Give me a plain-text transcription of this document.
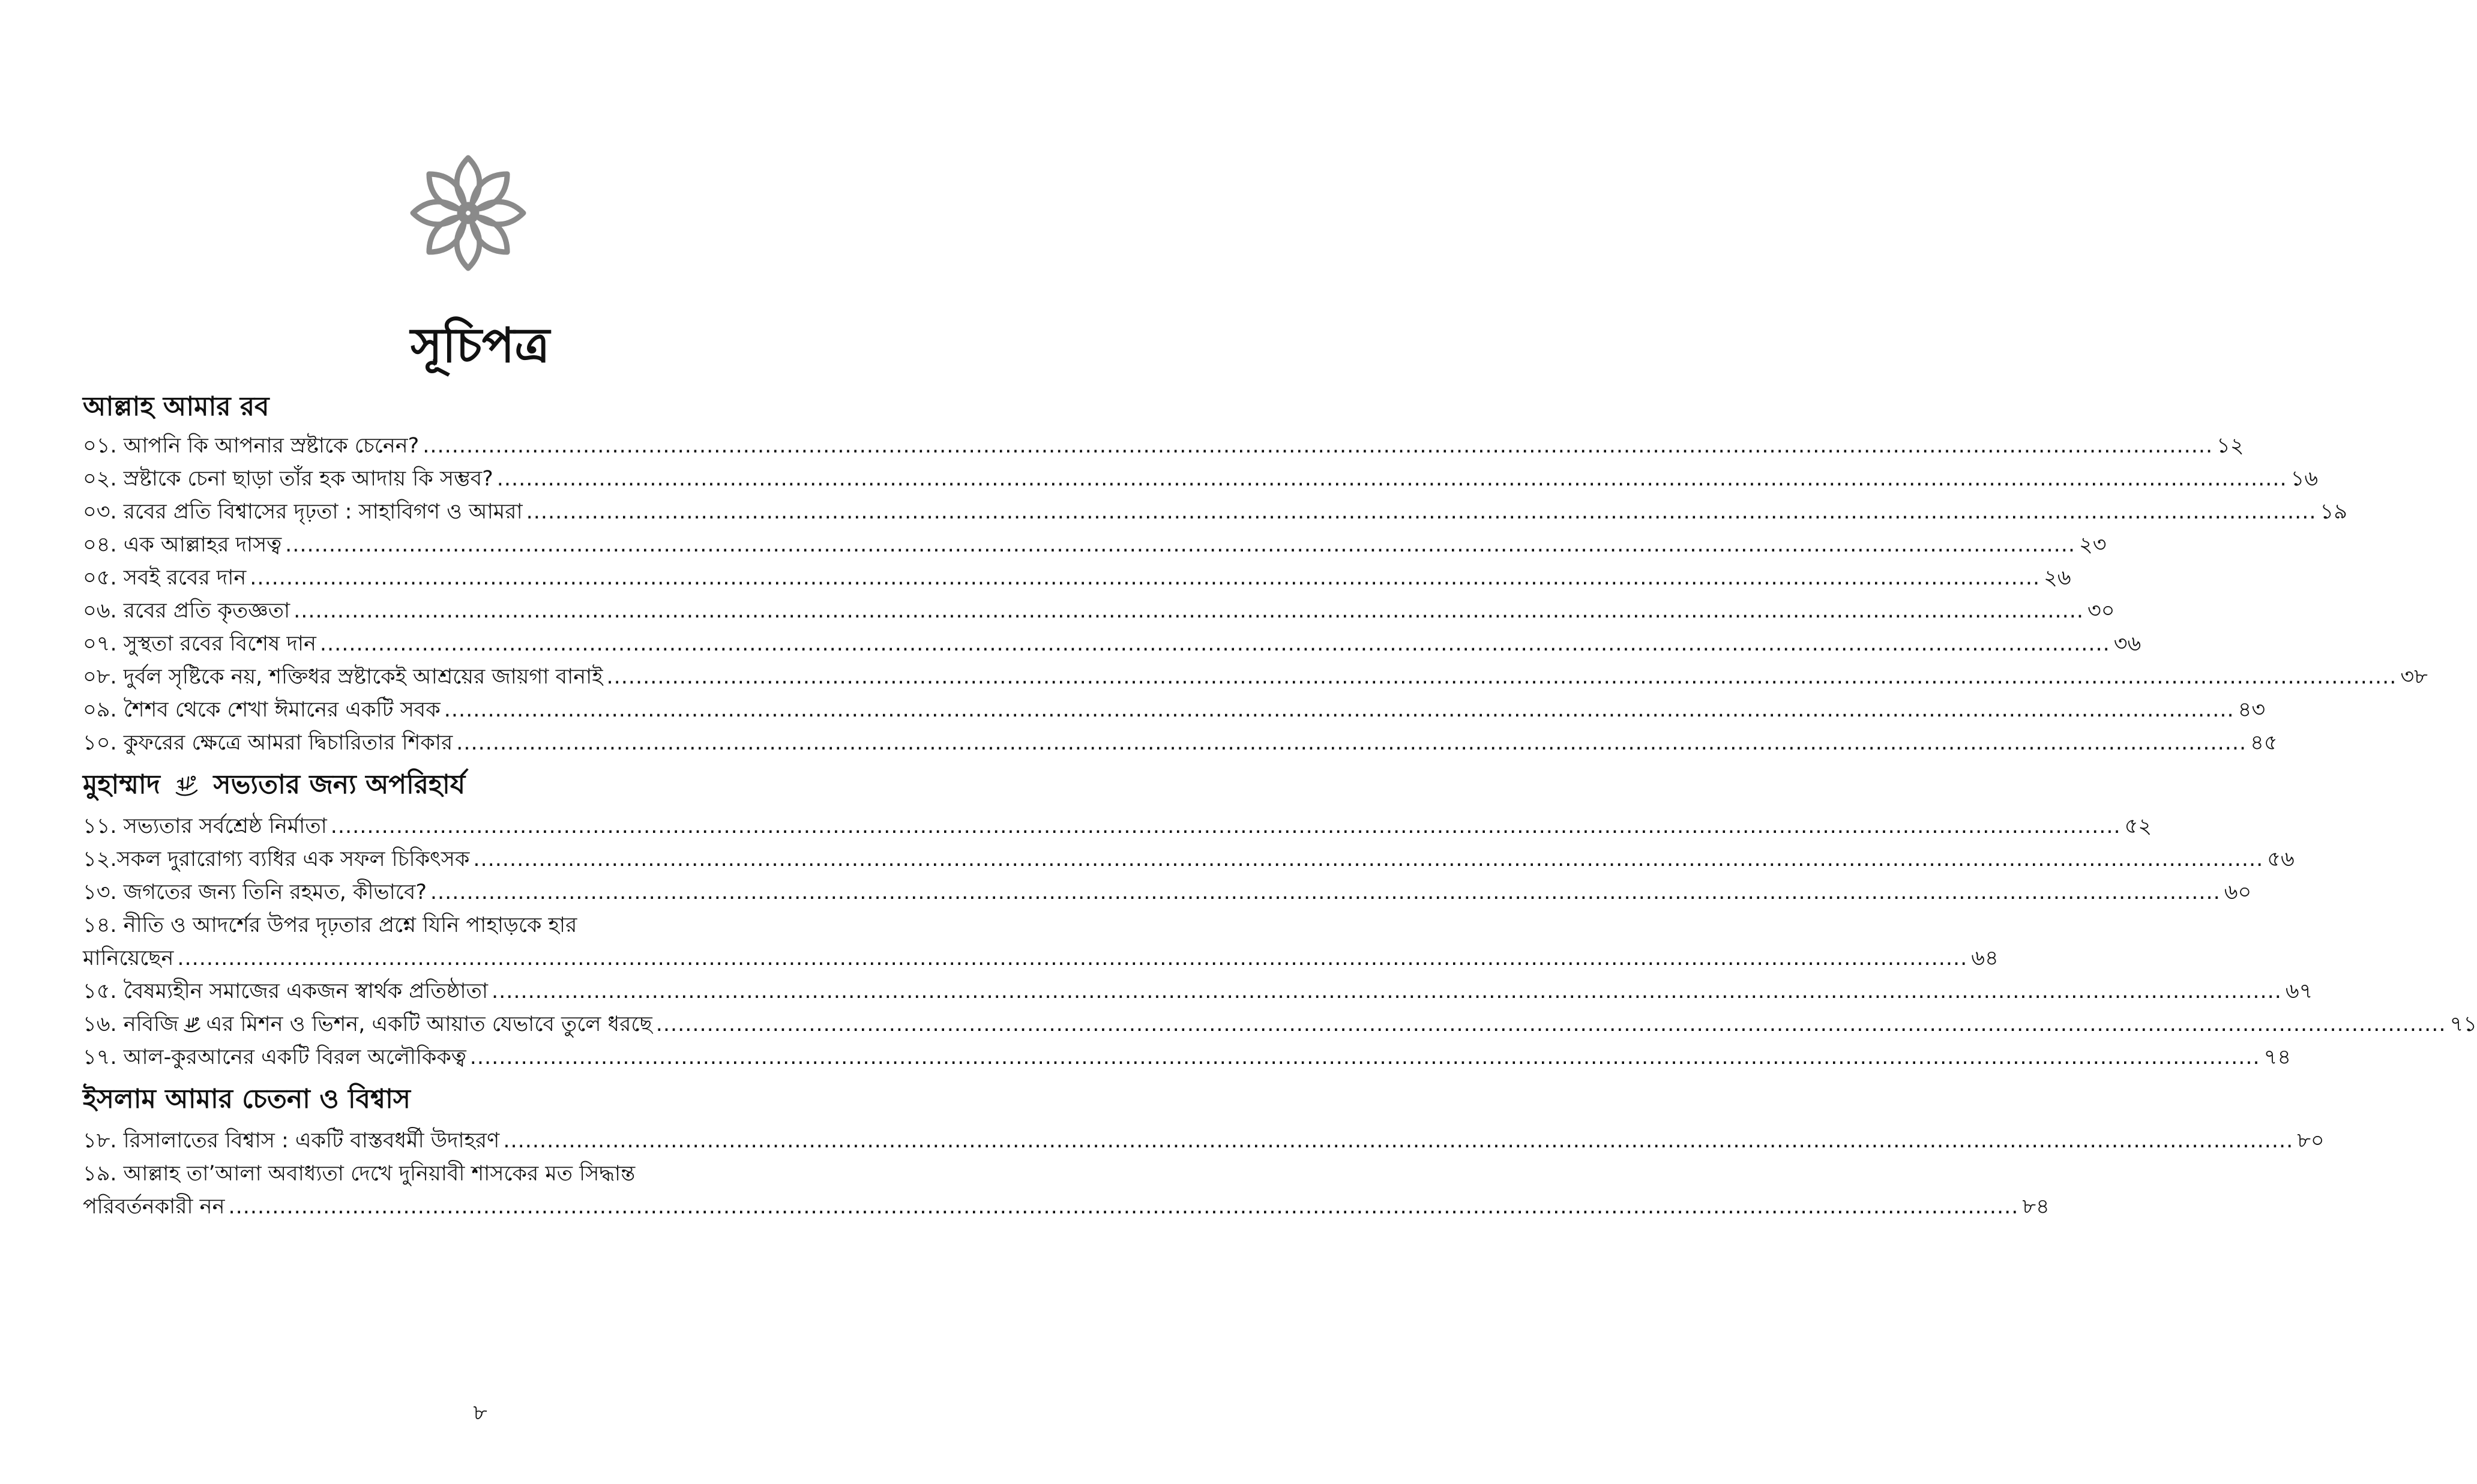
সূচিপত্র
আল্লাহ আমার রব
০১. আপনি কি আপনার স্রষ্টাকে চেনেন? .....	১২
০২. স্রষ্টাকে চেনা ছাড়া তাঁর হক আদায় কি সম্ভব? .....	১৬
০৩. রবের প্রতি বিশ্বাসের দৃঢ়তা : সাহাবিগণ ও আমরা .....	১৯
০৪. এক আল্লাহর দাসত্ব .....	২৩
০৫. সবই রবের দান .....	২৬
০৬. রবের প্রতি কৃতজ্ঞতা .....	৩০
০৭. সুস্থতা রবের বিশেষ দান .....	৩৬
০৮. দুর্বল সৃষ্টিকে নয়, শক্তিধর স্রষ্টাকেই আশ্রয়ের জায়গা বানাই .....	৩৮
০৯. শৈশব থেকে শেখা ঈমানের একটি সবক .....	৪৩
১০. কুফরের ক্ষেত্রে আমরা দ্বিচারিতার শিকার .....	৪৫
মুহাম্মাদ সভ্যতার জন্য অপরিহার্য
১১. সভ্যতার সর্বশ্রেষ্ঠ নির্মাতা .....	৫২
১২.সকল দুরারোগ্য ব্যধির এক সফল চিকিৎসক .....	৫৬
১৩. জগতের জন্য তিনি রহমত, কীভাবে? .....	৬০
১৪. নীতি ও আদর্শের উপর দৃঢ়তার প্রশ্নে যিনি পাহাড়কে হার
মানিয়েছেন .....	৬৪
১৫. বৈষম্যহীন সমাজের একজন স্বার্থক প্রতিষ্ঠাতা .....	৬৭
১৬. নবিজি এর মিশন ও ভিশন, একটি আয়াত যেভাবে তুলে ধরছে .....	৭১
১৭. আল-কুরআনের একটি বিরল অলৌকিকত্ব .....	৭৪
ইসলাম আমার চেতনা ও বিশ্বাস
১৮. রিসালাতের বিশ্বাস : একটি বাস্তবধর্মী উদাহরণ .....	৮০
১৯. আল্লাহ তা’আলা অবাধ্যতা দেখে দুনিয়াবী শাসকের মত সিদ্ধান্ত
পরিবর্তনকারী নন .....	৮৪
৮
